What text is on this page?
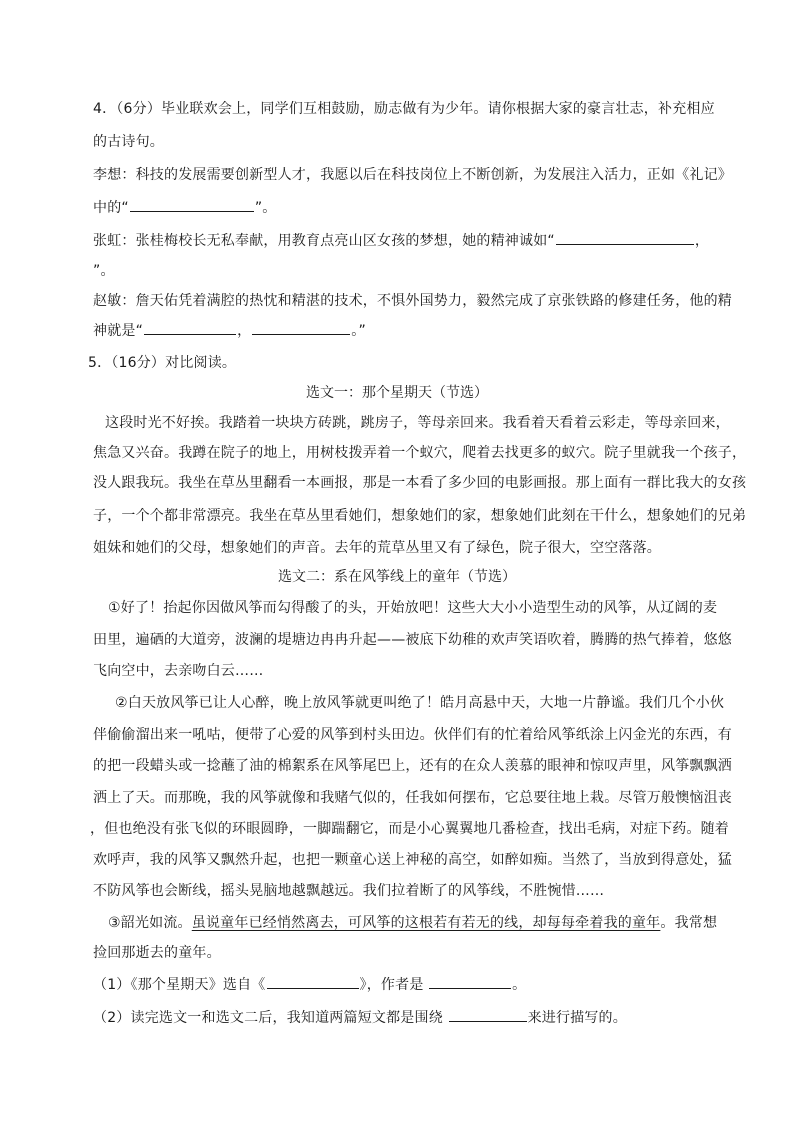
4．（6分）毕业联欢会上，同学们互相鼓励，励志做有为少年。请你根据大家的豪言壮志，补充相应
的古诗句。
李想：科技的发展需要创新型人才，我愿以后在科技岗位上不断创新，为发展注入活力，正如《礼记》
中的“	”。
张虹：张桂梅校长无私奉献，用教育点亮山区女孩的梦想，她的精神诚如“	，
”。
赵敏：詹天佑凭着满腔的热忱和精湛的技术，不惧外国势力，毅然完成了京张铁路的修建任务，他的精
神就是“	，	。”
5．（16分）对比阅读。
选文一：那个星期天（节选）
这段时光不好挨。我踏着一块块方砖跳，跳房子，等母亲回来。我看着天看着云彩走，等母亲回来，
焦急又兴奋。我蹲在院子的地上，用树枝拨弄着一个蚁穴，爬着去找更多的蚁穴。院子里就我一个孩子，
没人跟我玩。我坐在草丛里翻看一本画报，那是一本看了多少回的电影画报。那上面有一群比我大的女孩
子，一个个都非常漂亮。我坐在草丛里看她们，想象她们的家，想象她们此刻在干什么，想象她们的兄弟
姐妹和她们的父母，想象她们的声音。去年的荒草丛里又有了绿色，院子很大，空空落落。
选文二：系在风筝线上的童年（节选）
①好了！抬起你因做风筝而勾得酸了的头，开始放吧！这些大大小小造型生动的风筝，从辽阔的麦
田里，遍硒的大道旁，波澜的堤塘边冉冉升起——被底下幼稚的欢声笑语吹着，腾腾的热气捧着，悠悠
飞向空中，去亲吻白云……
②白天放风筝已让人心醉，晚上放风筝就更叫绝了！皓月高悬中天，大地一片静谧。我们几个小伙
伴偷偷溜出来一吼咕，便带了心爱的风筝到村头田边。伙伴们有的忙着给风筝纸涂上闪金光的东西，有
的把一段蜡头或一捻蘸了油的棉絮系在风筝尾巴上，还有的在众人羡慕的眼神和惊叹声里，风筝飘飘洒
洒上了天。而那晚，我的风筝就像和我赌气似的，任我如何摆布，它总要往地上栽。尽管万般懊恼沮丧
，但也绝没有张飞似的环眼圆睁，一脚踹翻它，而是小心翼翼地几番检查，找出毛病，对症下药。随着
欢呼声，我的风筝又飘然升起，也把一颗童心送上神秘的高空，如醉如痴。当然了，当放到得意处，猛
不防风筝也会断线，摇头晃脑地越飘越远。我们拉着断了的风筝线，不胜惋惜……
③韶光如流。虽说童年已经悄然离去，可风筝的这根若有若无的线，却每每牵着我的童年。我常想
捡回那逝去的童年。
（1）《那个星期天》选自《	》，作者是	。
（2）读完选文一和选文二后，我知道两篇短文都是围绕	来进行描写的。
